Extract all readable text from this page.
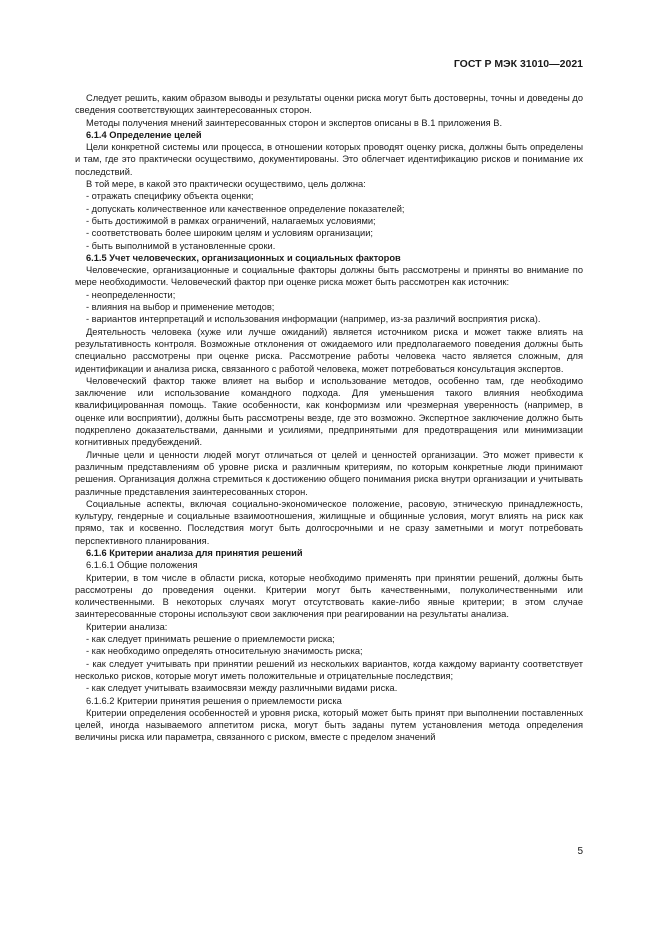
ГОСТ Р МЭК 31010—2021

Следует решить, каким образом выводы и результаты оценки риска могут быть достоверны, точны и доведены до сведения соответствующих заинтересованных сторон.

Методы получения мнений заинтересованных сторон и экспертов описаны в В.1 приложения В.

6.1.4 Определение целей

Цели конкретной системы или процесса, в отношении которых проводят оценку риска, должны быть определены и там, где это практически осуществимо, документированы. Это облегчает идентификацию рисков и понимание их последствий.

В той мере, в какой это практически осуществимо, цель должна:

- отражать специфику объекта оценки;

- допускать количественное или качественное определение показателей;

- быть достижимой в рамках ограничений, налагаемых условиями;

- соответствовать более широким целям и условиям организации;

- быть выполнимой в установленные сроки.

6.1.5 Учет человеческих, организационных и социальных факторов

Человеческие, организационные и социальные факторы должны быть рассмотрены и приняты во внимание по мере необходимости. Человеческий фактор при оценке риска может быть рассмотрен как источник:

- неопределенности;

- влияния на выбор и применение методов;

- вариантов интерпретаций и использования информации (например, из-за различий восприятия риска).

Деятельность человека (хуже или лучше ожиданий) является источником риска и может также влиять на результативность контроля. Возможные отклонения от ожидаемого или предполагаемого поведения должны быть специально рассмотрены при оценке риска. Рассмотрение работы человека часто является сложным, для идентификации и анализа риска, связанного с работой человека, может потребоваться консультация экспертов.

Человеческий фактор также влияет на выбор и использование методов, особенно там, где необходимо заключение или использование командного подхода. Для уменьшения такого влияния необходима квалифицированная помощь. Такие особенности, как конформизм или чрезмерная уверенность (например, в оценке или восприятии), должны быть рассмотрены везде, где это возможно. Экспертное заключение должно быть подкреплено доказательствами, данными и усилиями, предпринятыми для предотвращения или минимизации когнитивных предубеждений.

Личные цели и ценности людей могут отличаться от целей и ценностей организации. Это может привести к различным представлениям об уровне риска и различным критериям, по которым конкретные люди принимают решения. Организация должна стремиться к достижению общего понимания риска внутри организации и учитывать различные представления заинтересованных сторон.

Социальные аспекты, включая социально-экономическое положение, расовую, этническую принадлежность, культуру, гендерные и социальные взаимоотношения, жилищные и общинные условия, могут влиять на риск как прямо, так и косвенно. Последствия могут быть долгосрочными и не сразу заметными и могут потребовать перспективного планирования.

6.1.6 Критерии анализа для принятия решений

6.1.6.1 Общие положения

Критерии, в том числе в области риска, которые необходимо применять при принятии решений, должны быть рассмотрены до проведения оценки. Критерии могут быть качественными, полуколичественными или количественными. В некоторых случаях могут отсутствовать какие-либо явные критерии; в этом случае заинтересованные стороны используют свои заключения при реагировании на результаты анализа.

Критерии анализа:

- как следует принимать решение о приемлемости риска;

- как необходимо определять относительную значимость риска;

- как следует учитывать при принятии решений из нескольких вариантов, когда каждому варианту соответствует несколько рисков, которые могут иметь положительные и отрицательные последствия;

- как следует учитывать взаимосвязи между различными видами риска.

6.1.6.2 Критерии принятия решения о приемлемости риска

Критерии определения особенностей и уровня риска, который может быть принят при выполнении поставленных целей, иногда называемого аппетитом риска, могут быть заданы путем установления метода определения величины риска или параметра, связанного с риском, вместе с пределом значений

5
